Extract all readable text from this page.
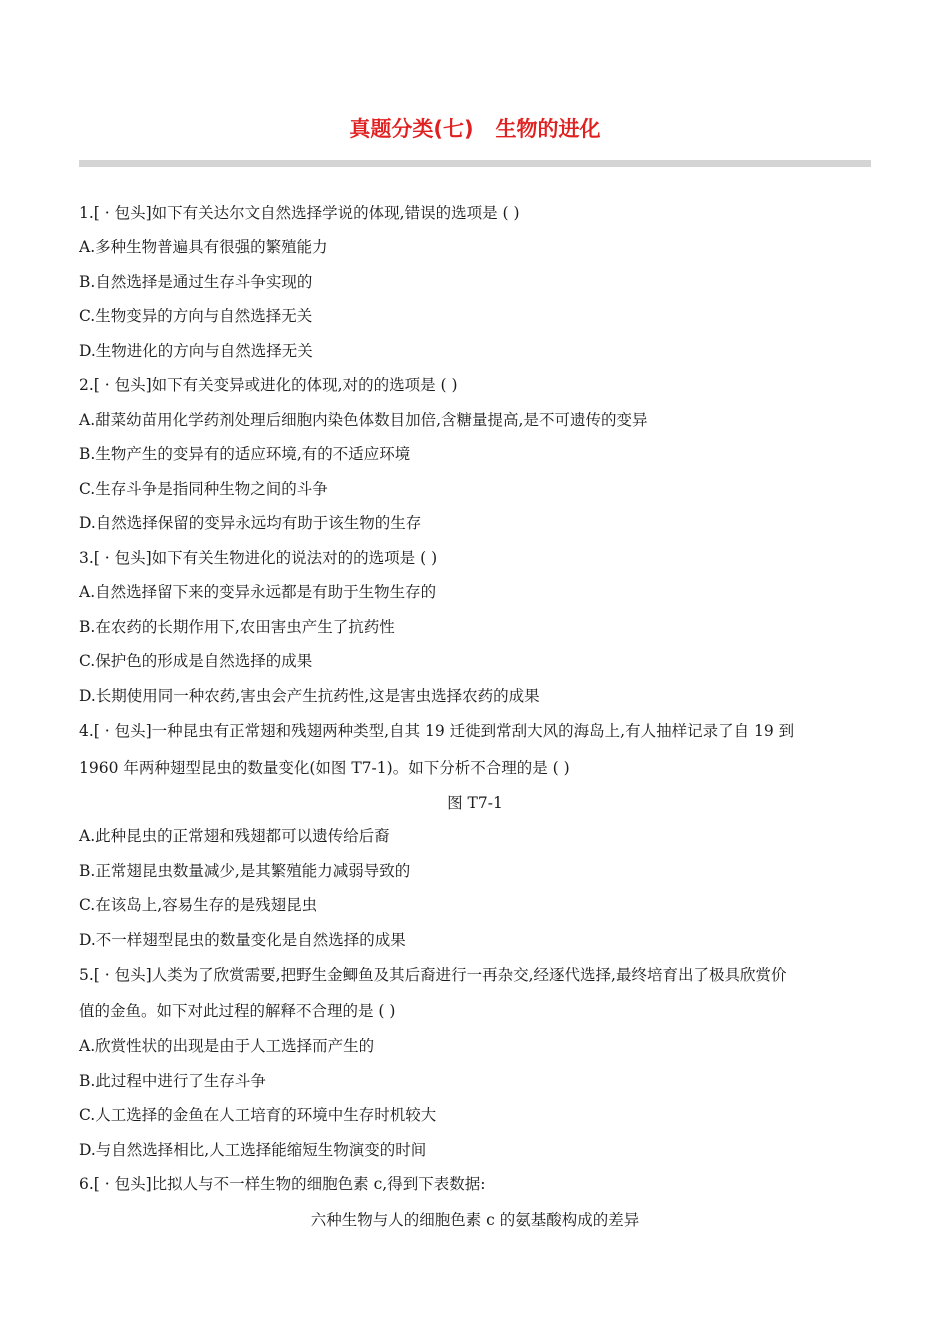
真题分类(七)   生物的进化
1.[ · 包头]如下有关达尔文自然选择学说的体现,错误的选项是 ( )
A.多种生物普遍具有很强的繁殖能力
B.自然选择是通过生存斗争实现的
C.生物变异的方向与自然选择无关
D.生物进化的方向与自然选择无关
2.[ · 包头]如下有关变异或进化的体现,对的的选项是 ( )
A.甜菜幼苗用化学药剂处理后细胞内染色体数目加倍,含糖量提高,是不可遗传的变异
B.生物产生的变异有的适应环境,有的不适应环境
C.生存斗争是指同种生物之间的斗争
D.自然选择保留的变异永远均有助于该生物的生存
3.[ · 包头]如下有关生物进化的说法对的的选项是 ( )
A.自然选择留下来的变异永远都是有助于生物生存的
B.在农药的长期作用下,农田害虫产生了抗药性
C.保护色的形成是自然选择的成果
D.长期使用同一种农药,害虫会产生抗药性,这是害虫选择农药的成果
4.[ · 包头]一种昆虫有正常翅和残翅两种类型,自其 19 迁徙到常刮大风的海岛上,有人抽样记录了自 19 到
1960 年两种翅型昆虫的数量变化(如图 T7-1)。如下分析不合理的是 ( )
图 T7-1
A.此种昆虫的正常翅和残翅都可以遗传给后裔
B.正常翅昆虫数量减少,是其繁殖能力减弱导致的
C.在该岛上,容易生存的是残翅昆虫
D.不一样翅型昆虫的数量变化是自然选择的成果
5.[ · 包头]人类为了欣赏需要,把野生金鲫鱼及其后裔进行一再杂交,经逐代选择,最终培育出了极具欣赏价
值的金鱼。如下对此过程的解释不合理的是 ( )
A.欣赏性状的出现是由于人工选择而产生的
B.此过程中进行了生存斗争
C.人工选择的金鱼在人工培育的环境中生存时机较大
D.与自然选择相比,人工选择能缩短生物演变的时间
6.[ · 包头]比拟人与不一样生物的细胞色素 c,得到下表数据:
六种生物与人的细胞色素 c 的氨基酸构成的差异
